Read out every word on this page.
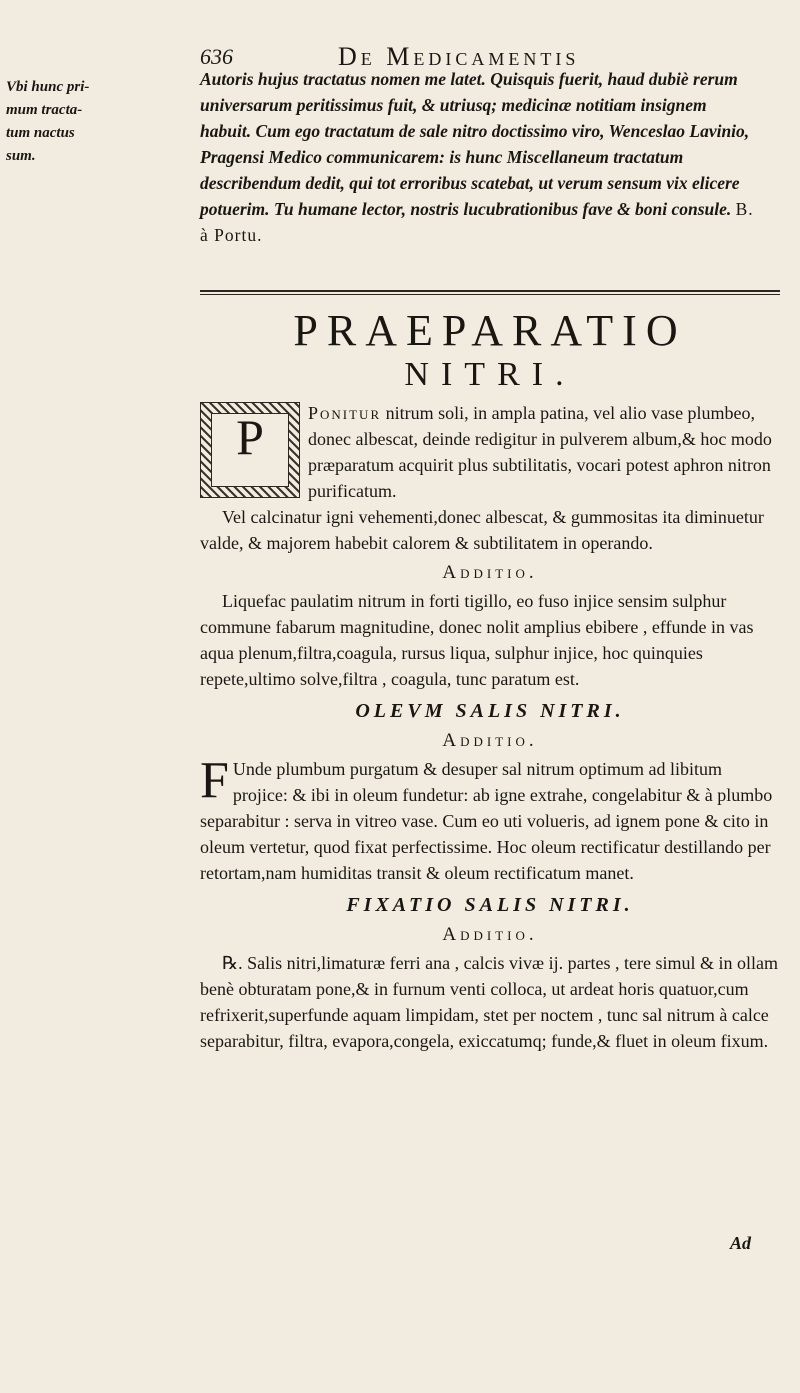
636	De Medicamentis
Vbi hunc pri-
mum tracta-
tum nactus
sum.
Autoris hujus tractatus nomen me latet. Quisquis fuerit, haud dubiè rerum universarum peritissimus fuit, & utriusq; medicinæ notitiam insignem habuit. Cum ego tractatum de sale nitro doctissimo viro, Wenceslao Lavinio, Pragensi Medico communicarem: is hunc Miscellaneum tractatum describendum dedit, qui tot erroribus scatebat, ut verum sensum vix elicere potuerim. Tu humane lector, nostris lucubrationibus fave & boni consule. B. à Portu.
PRAEPARATIO
NITRI.

P	Ponitur nitrum soli, in ampla patina, vel alio vase plumbeo, donec albescat, deinde redigitur in pulverem album,& hoc modo præparatum acquirit plus subtilitatis, vocari potest aphron nitron purificatum.

Vel calcinatur igni vehementi,donec albescat, & gummositas ita diminuetur valde, & majorem habebit calorem & subtilitatem in operando.

Additio.

Liquefac paulatim nitrum in forti tigillo, eo fuso injice sensim sulphur commune fabarum magnitudine, donec nolit amplius ebibere , effunde in vas aqua plenum,filtra,coagula, rursus liqua, sulphur injice, hoc quinquies repete,ultimo solve,filtra , coagula, tunc paratum est.

OLEVM SALIS NITRI.
Additio.

F Unde plumbum purgatum & desuper sal nitrum optimum ad libitum projice: & ibi in oleum fundetur: ab igne extrahe, congelabitur & à plumbo separabitur : serva in vitreo vase. Cum eo uti volueris, ad ignem pone & cito in oleum vertetur, quod fixat perfectissime. Hoc oleum rectificatur destillando per retortam,nam humiditas transit & oleum rectificatum manet.

FIXATIO SALIS NITRI.
Additio.

℞. Salis nitri,limaturæ ferri ana , calcis vivæ ij. partes , tere simul & in ollam benè obturatam pone,& in furnum venti colloca, ut ardeat horis quatuor,cum refrixerit,superfunde aquam limpidam, stet per noctem , tunc sal nitrum à calce separabitur, filtra, evapora,congela, exiccatumq; funde,& fluet in oleum fixum.

Ad
